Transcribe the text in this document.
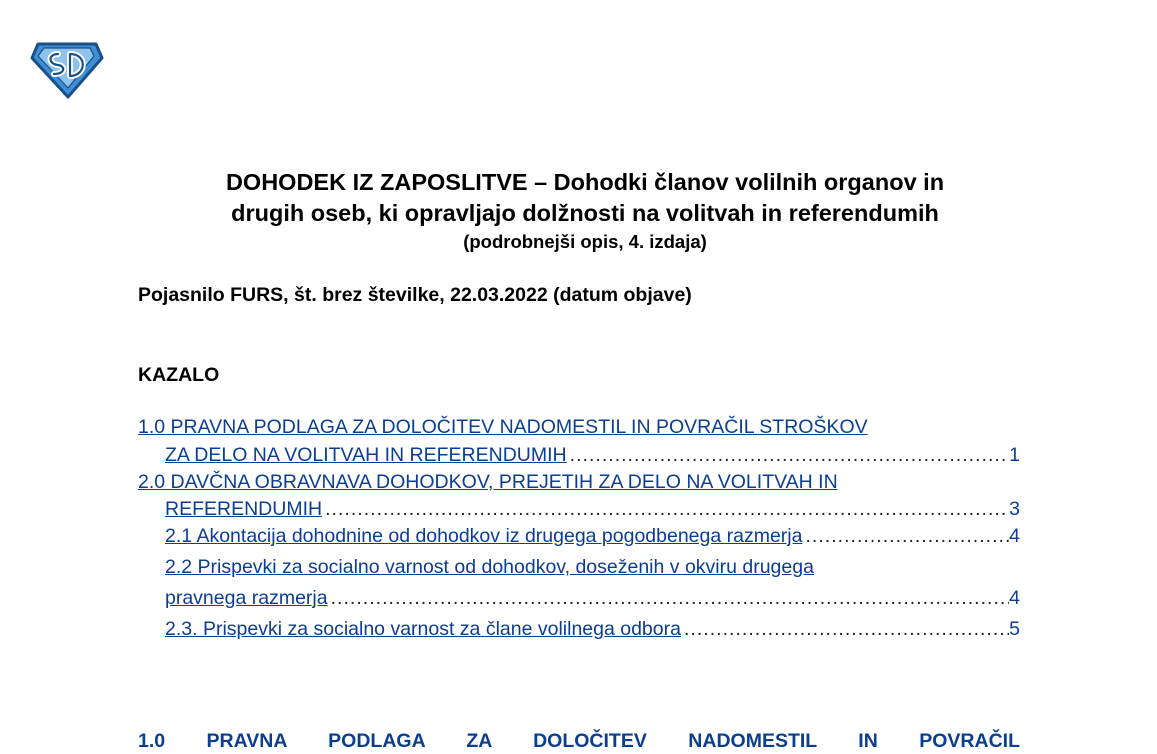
DOHODEK IZ ZAPOSLITVE – Dohodki članov volilnih organov in
drugih oseb, ki opravljajo dolžnosti na volitvah in referendumih
(podrobnejši opis, 4. izdaja)
Pojasnilo FURS, št. brez številke, 22.03.2022 (datum objave)
KAZALO
1.0 PRAVNA PODLAGA ZA DOLOČITEV NADOMESTIL IN POVRAČIL STROŠKOV
ZA DELO NA VOLITVAH IN REFERENDUMIH . . .	1
2.0 DAVČNA OBRAVNAVA DOHODKOV, PREJETIH ZA DELO NA VOLITVAH IN
REFERENDUMIH . . .	3
2.1 Akontacija dohodnine od dohodkov iz drugega pogodbenega razmerja . . .	4
2.2 Prispevki za socialno varnost od dohodkov, doseženih v okviru drugega
pravnega razmerja . . .	4
2.3. Prispevki za socialno varnost za člane volilnega odbora . . .	5
1.0 PRAVNA PODLAGA ZA DOLOČITEV NADOMESTIL IN POVRAČIL
